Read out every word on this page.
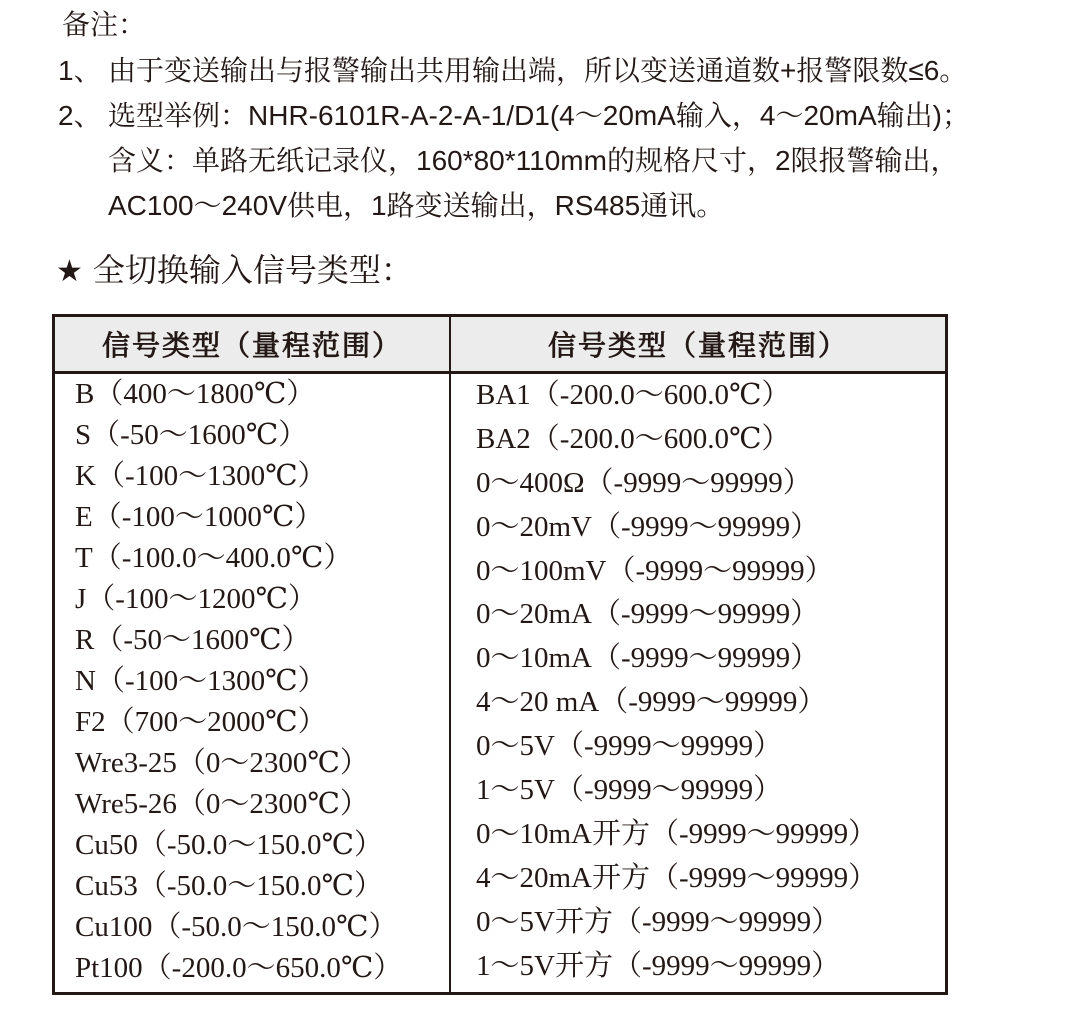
备注：
1、 由于变送输出与报警输出共用输出端，所以变送通道数+报警限数≤6。
2、 选型举例：NHR-6101R-A-2-A-1/D1(4～20mA输入，4～20mA输出)；
含义：单路无纸记录仪，160*80*110mm的规格尺寸，2限报警输出，
AC100～240V供电，1路变送输出，RS485通讯。
★ 全切换输入信号类型：
信号类型（量程范围）	信号类型（量程范围）
B（400～1800℃）
S（-50～1600℃）
K（-100～1300℃）
E（-100～1000℃）
T（-100.0～400.0℃）
J（-100～1200℃）
R（-50～1600℃）
N（-100～1300℃）
F2（700～2000℃）
Wre3-25（0～2300℃）
Wre5-26（0～2300℃）
Cu50（-50.0～150.0℃）
Cu53（-50.0～150.0℃）
Cu100（-50.0～150.0℃）
Pt100（-200.0～650.0℃）
BA1（-200.0～600.0℃）
BA2（-200.0～600.0℃）
0～400Ω（-9999～99999）
0～20mV（-9999～99999）
0～100mV（-9999～99999）
0～20mA（-9999～99999）
0～10mA（-9999～99999）
4～20 mA（-9999～99999）
0～5V（-9999～99999）
1～5V（-9999～99999）
0～10mA开方（-9999～99999）
4～20mA开方（-9999～99999）
0～5V开方（-9999～99999）
1～5V开方（-9999～99999）
